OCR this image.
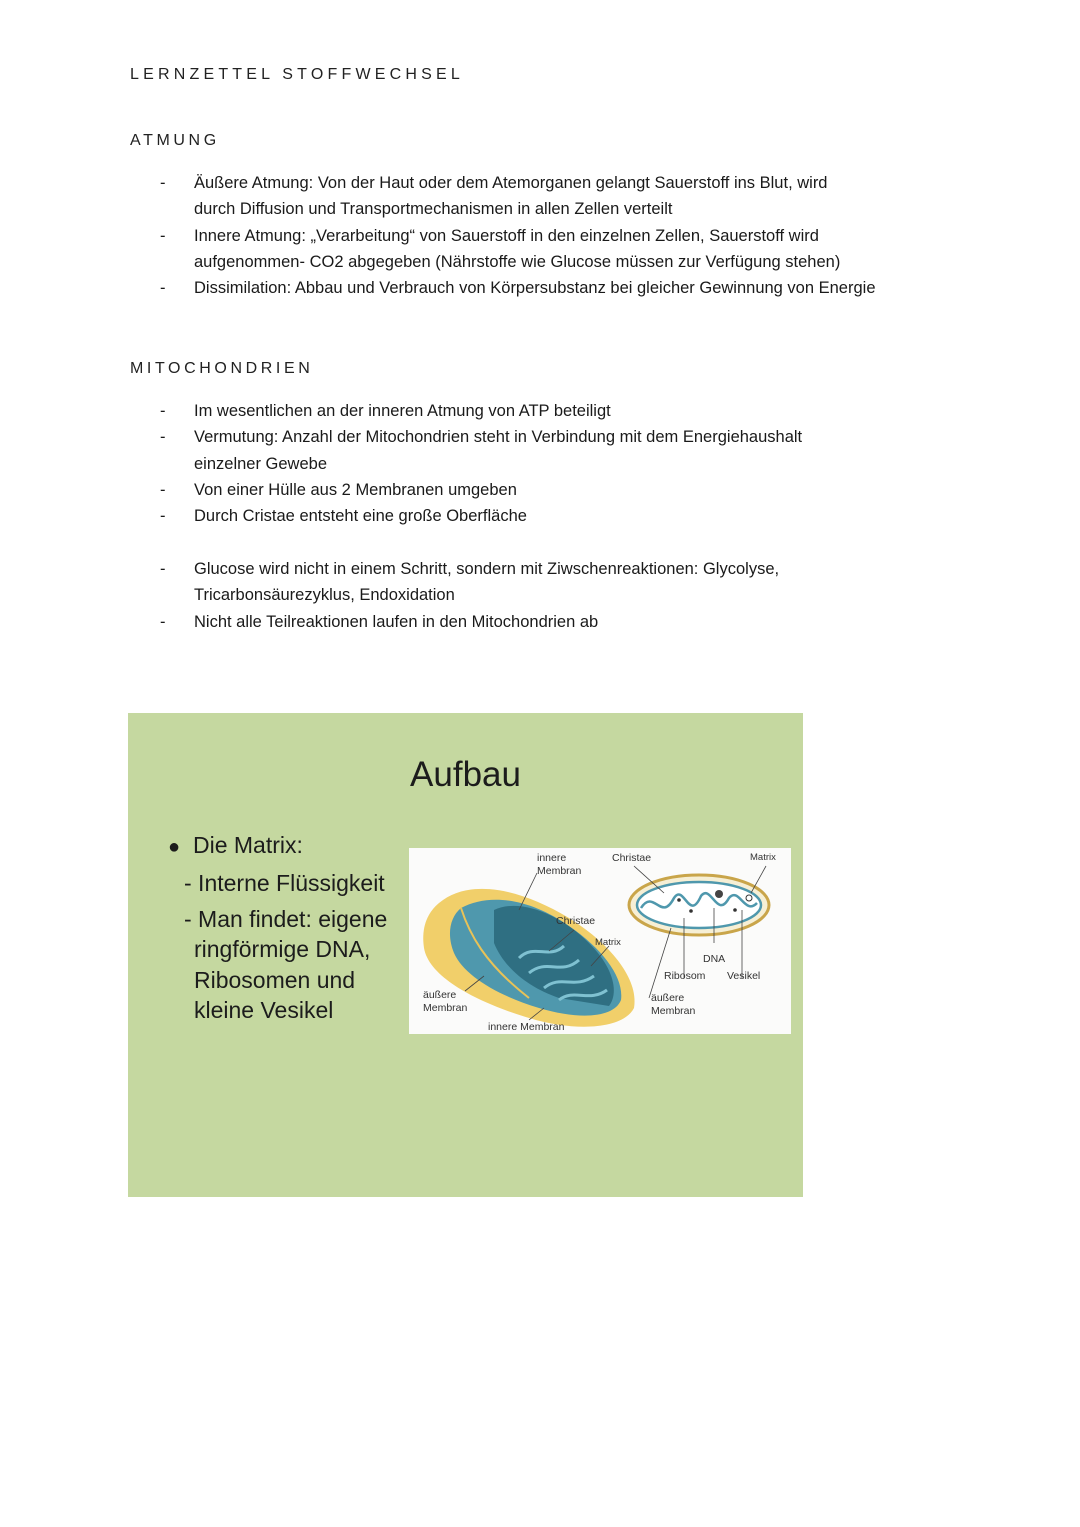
LERNZETTEL STOFFWECHSEL
ATMUNG
- Äußere Atmung: Von der Haut oder dem Atemorganen gelangt Sauerstoff ins Blut, wird
durch Diffusion und Transportmechanismen in allen Zellen verteilt
- Innere Atmung: „Verarbeitung“ von Sauerstoff in den einzelnen Zellen, Sauerstoff wird
aufgenommen- CO2 abgegeben (Nährstoffe wie Glucose müssen zur Verfügung stehen)
- Dissimilation: Abbau und Verbrauch von Körpersubstanz bei gleicher Gewinnung von Energie
MITOCHONDRIEN
- Im wesentlichen an der inneren Atmung von ATP beteiligt
- Vermutung: Anzahl der Mitochondrien steht in Verbindung mit dem Energiehaushalt
einzelner Gewebe
- Von einer Hülle aus 2 Membranen umgeben
- Durch Cristae entsteht eine große Oberfläche
- Glucose wird nicht in einem Schritt, sondern mit Ziwschenreaktionen: Glycolyse,
Tricarbonsäurezyklus, Endoxidation
- Nicht alle Teilreaktionen laufen in den Mitochondrien ab
Aufbau
● Die Matrix:
- Interne Flüssigkeit
- Man findet: eigene
ringförmige DNA,
Ribosomen und
kleine Vesikel
innere
Membran
Christae	Matrix
Christae
Matrix
DNA
Ribosom Vesikel
äußere
Membran
äußere
Membran
innere Membran
